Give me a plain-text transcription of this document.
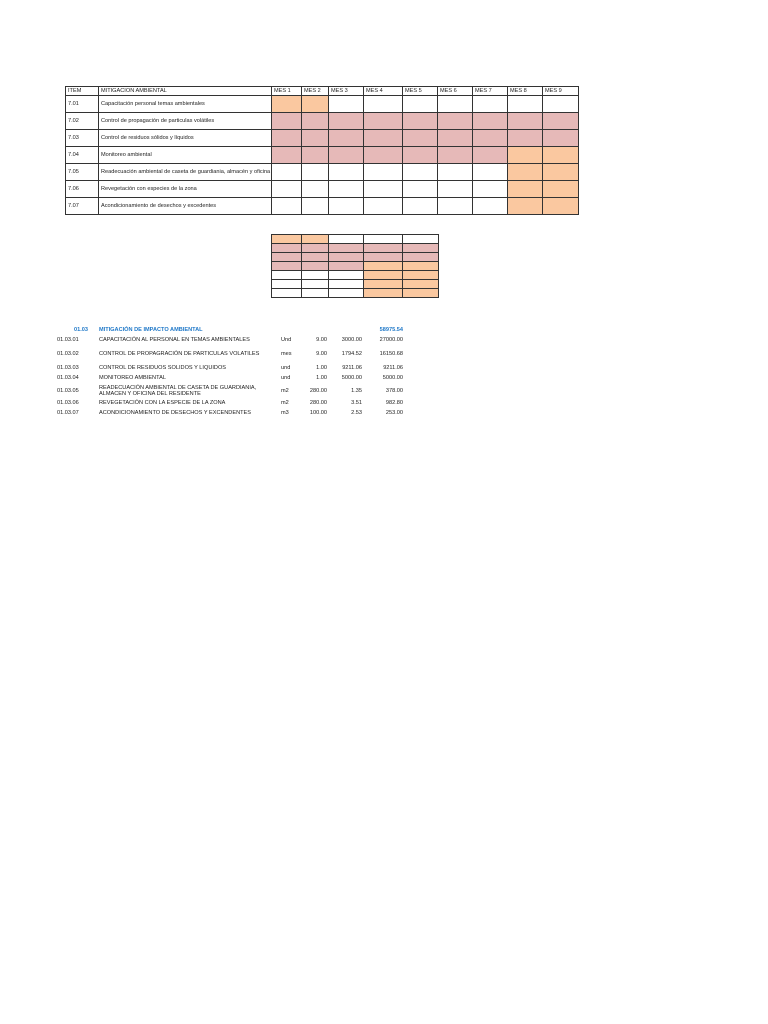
ITEM	MITIGACION AMBIENTAL	MES 1	MES 2	MES 3	MES 4	MES 5	MES 6	MES 7	MES 8	MES 9
7.01	Capacitación personal temas ambientales									
7.02	Control de propagación de particulas volátiles									
7.03	Control de residuos sólidos y líquidos									
7.04	Monitoreo ambiental									
7.05	Readecuación ambiental de caseta de guardiania, almacén y oficina									
7.06	Revegetación con especies de la zona									
7.07	Acondicionamiento de desechos y excedentes									

01.03 MITIGACIÓN DE IMPACTO AMBIENTAL	58975.54
01.03.01	CAPACITACIÓN AL PERSONAL EN TEMAS AMBIENTALES	Und	9.00	3000.00	27000.00
01.03.02	CONTROL DE PROPAGRACIÓN DE PARTICULAS VOLATILES	mes	9.00	1794.52	16150.68
01.03.03	CONTROL DE RESIDUOS SOLIDOS Y LIQUIDOS	und	1.00	9211.06	9211.06
01.03.04	MONITOREO AMBIENTAL	und	1.00	5000.00	5000.00
01.03.05	READECUACIÓN AMBIENTAL DE CASETA DE GUARDIANIA,
ALMACEN Y OFICINA DEL RESIDENTE	m2	280.00	1.35	378.00
01.03.06	REVEGETACIÓN CON LA ESPECIE DE LA ZONA	m2	280.00	3.51	982.80
01.03.07	ACONDICIONAMIENTO DE DESECHOS Y EXCENDENTES	m3	100.00	2.53	253.00
